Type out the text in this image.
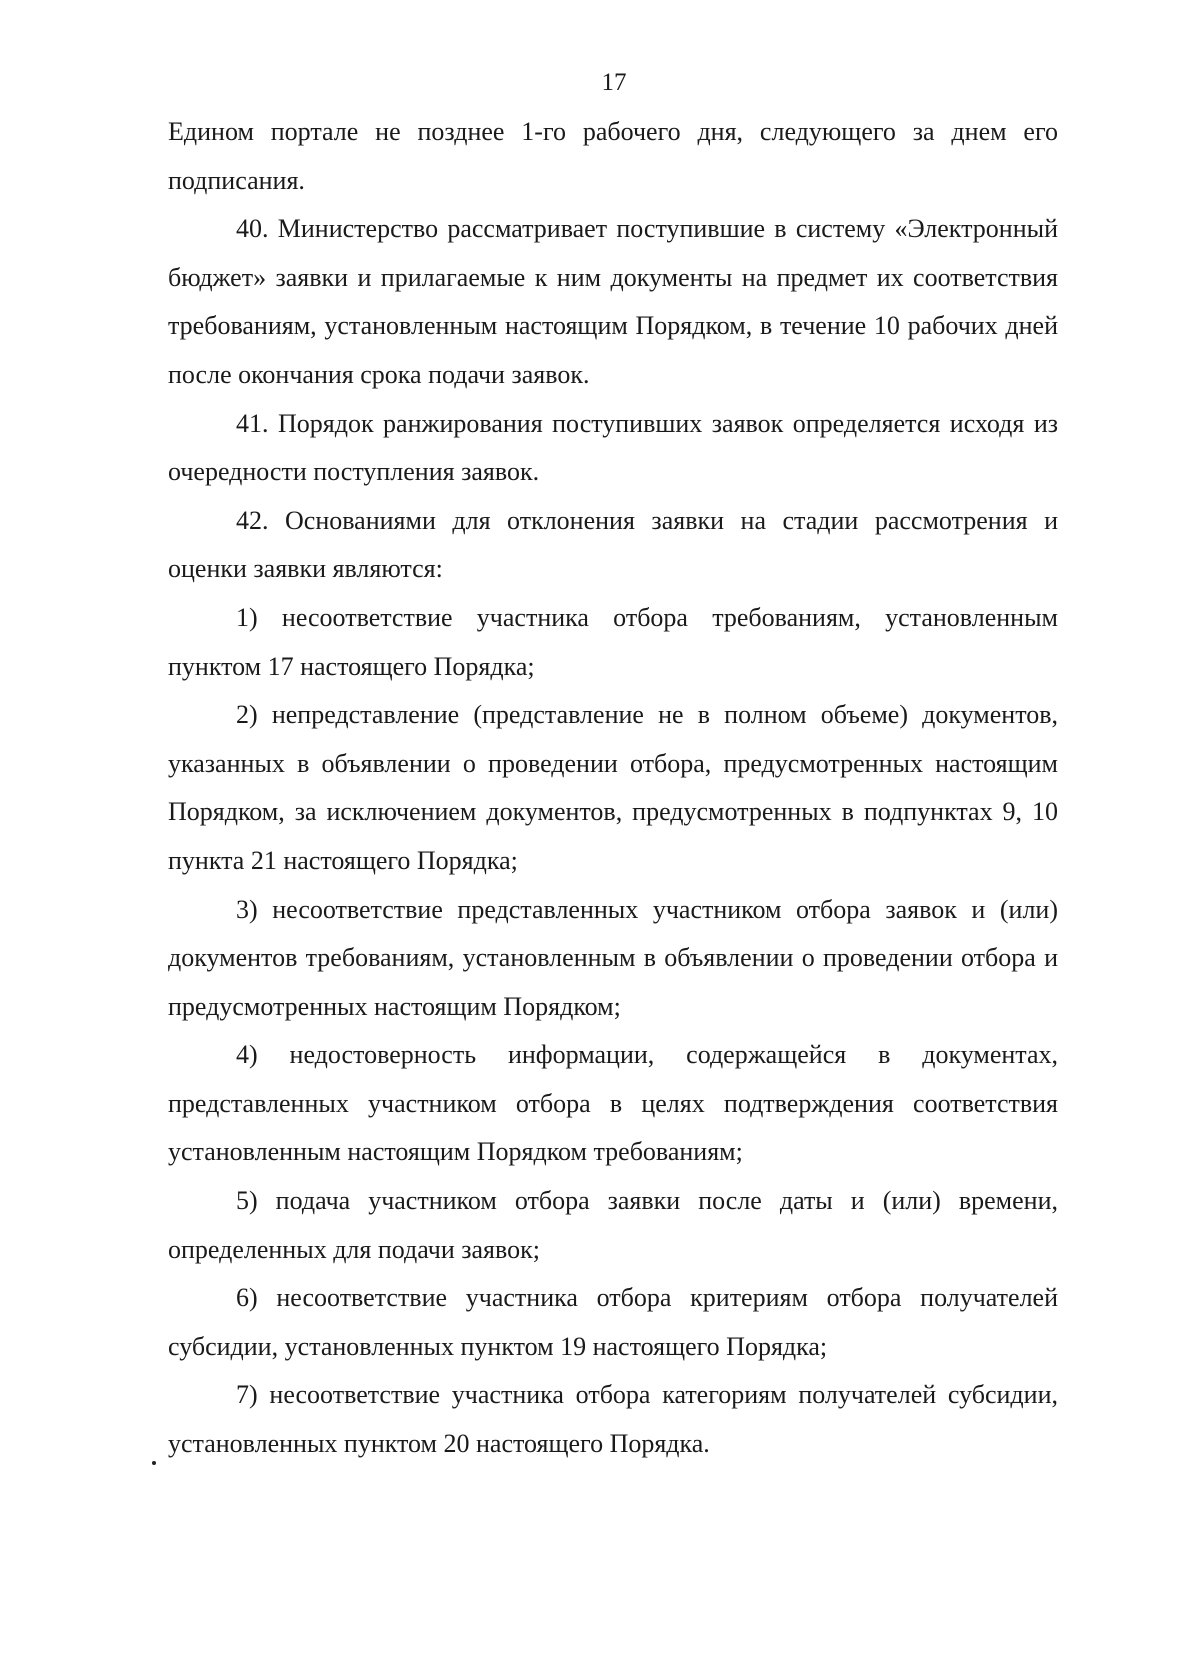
17

Едином портале не позднее 1-го рабочего дня, следующего за днем его подписания.

40. Министерство рассматривает поступившие в систему «Электронный бюджет» заявки и прилагаемые к ним документы на предмет их соответствия требованиям, установленным настоящим Порядком, в течение 10 рабочих дней после окончания срока подачи заявок.

41. Порядок ранжирования поступивших заявок определяется исходя из очередности поступления заявок.

42. Основаниями для отклонения заявки на стадии рассмотрения и оценки заявки являются:

1) несоответствие участника отбора требованиям, установленным пунктом 17 настоящего Порядка;

2) непредставление (представление не в полном объеме) документов, указанных в объявлении о проведении отбора, предусмотренных настоящим Порядком, за исключением документов, предусмотренных в подпунктах 9, 10 пункта 21 настоящего Порядка;

3) несоответствие представленных участником отбора заявок и (или) документов требованиям, установленным в объявлении о проведении отбора и предусмотренных настоящим Порядком;

4) недостоверность информации, содержащейся в документах, представленных участником отбора в целях подтверждения соответствия установленным настоящим Порядком требованиям;

5) подача участником отбора заявки после даты и (или) времени, определенных для подачи заявок;

6) несоответствие участника отбора критериям отбора получателей субсидии, установленных пунктом 19 настоящего Порядка;

7) несоответствие участника отбора категориям получателей субсидии, установленных пунктом 20 настоящего Порядка.
